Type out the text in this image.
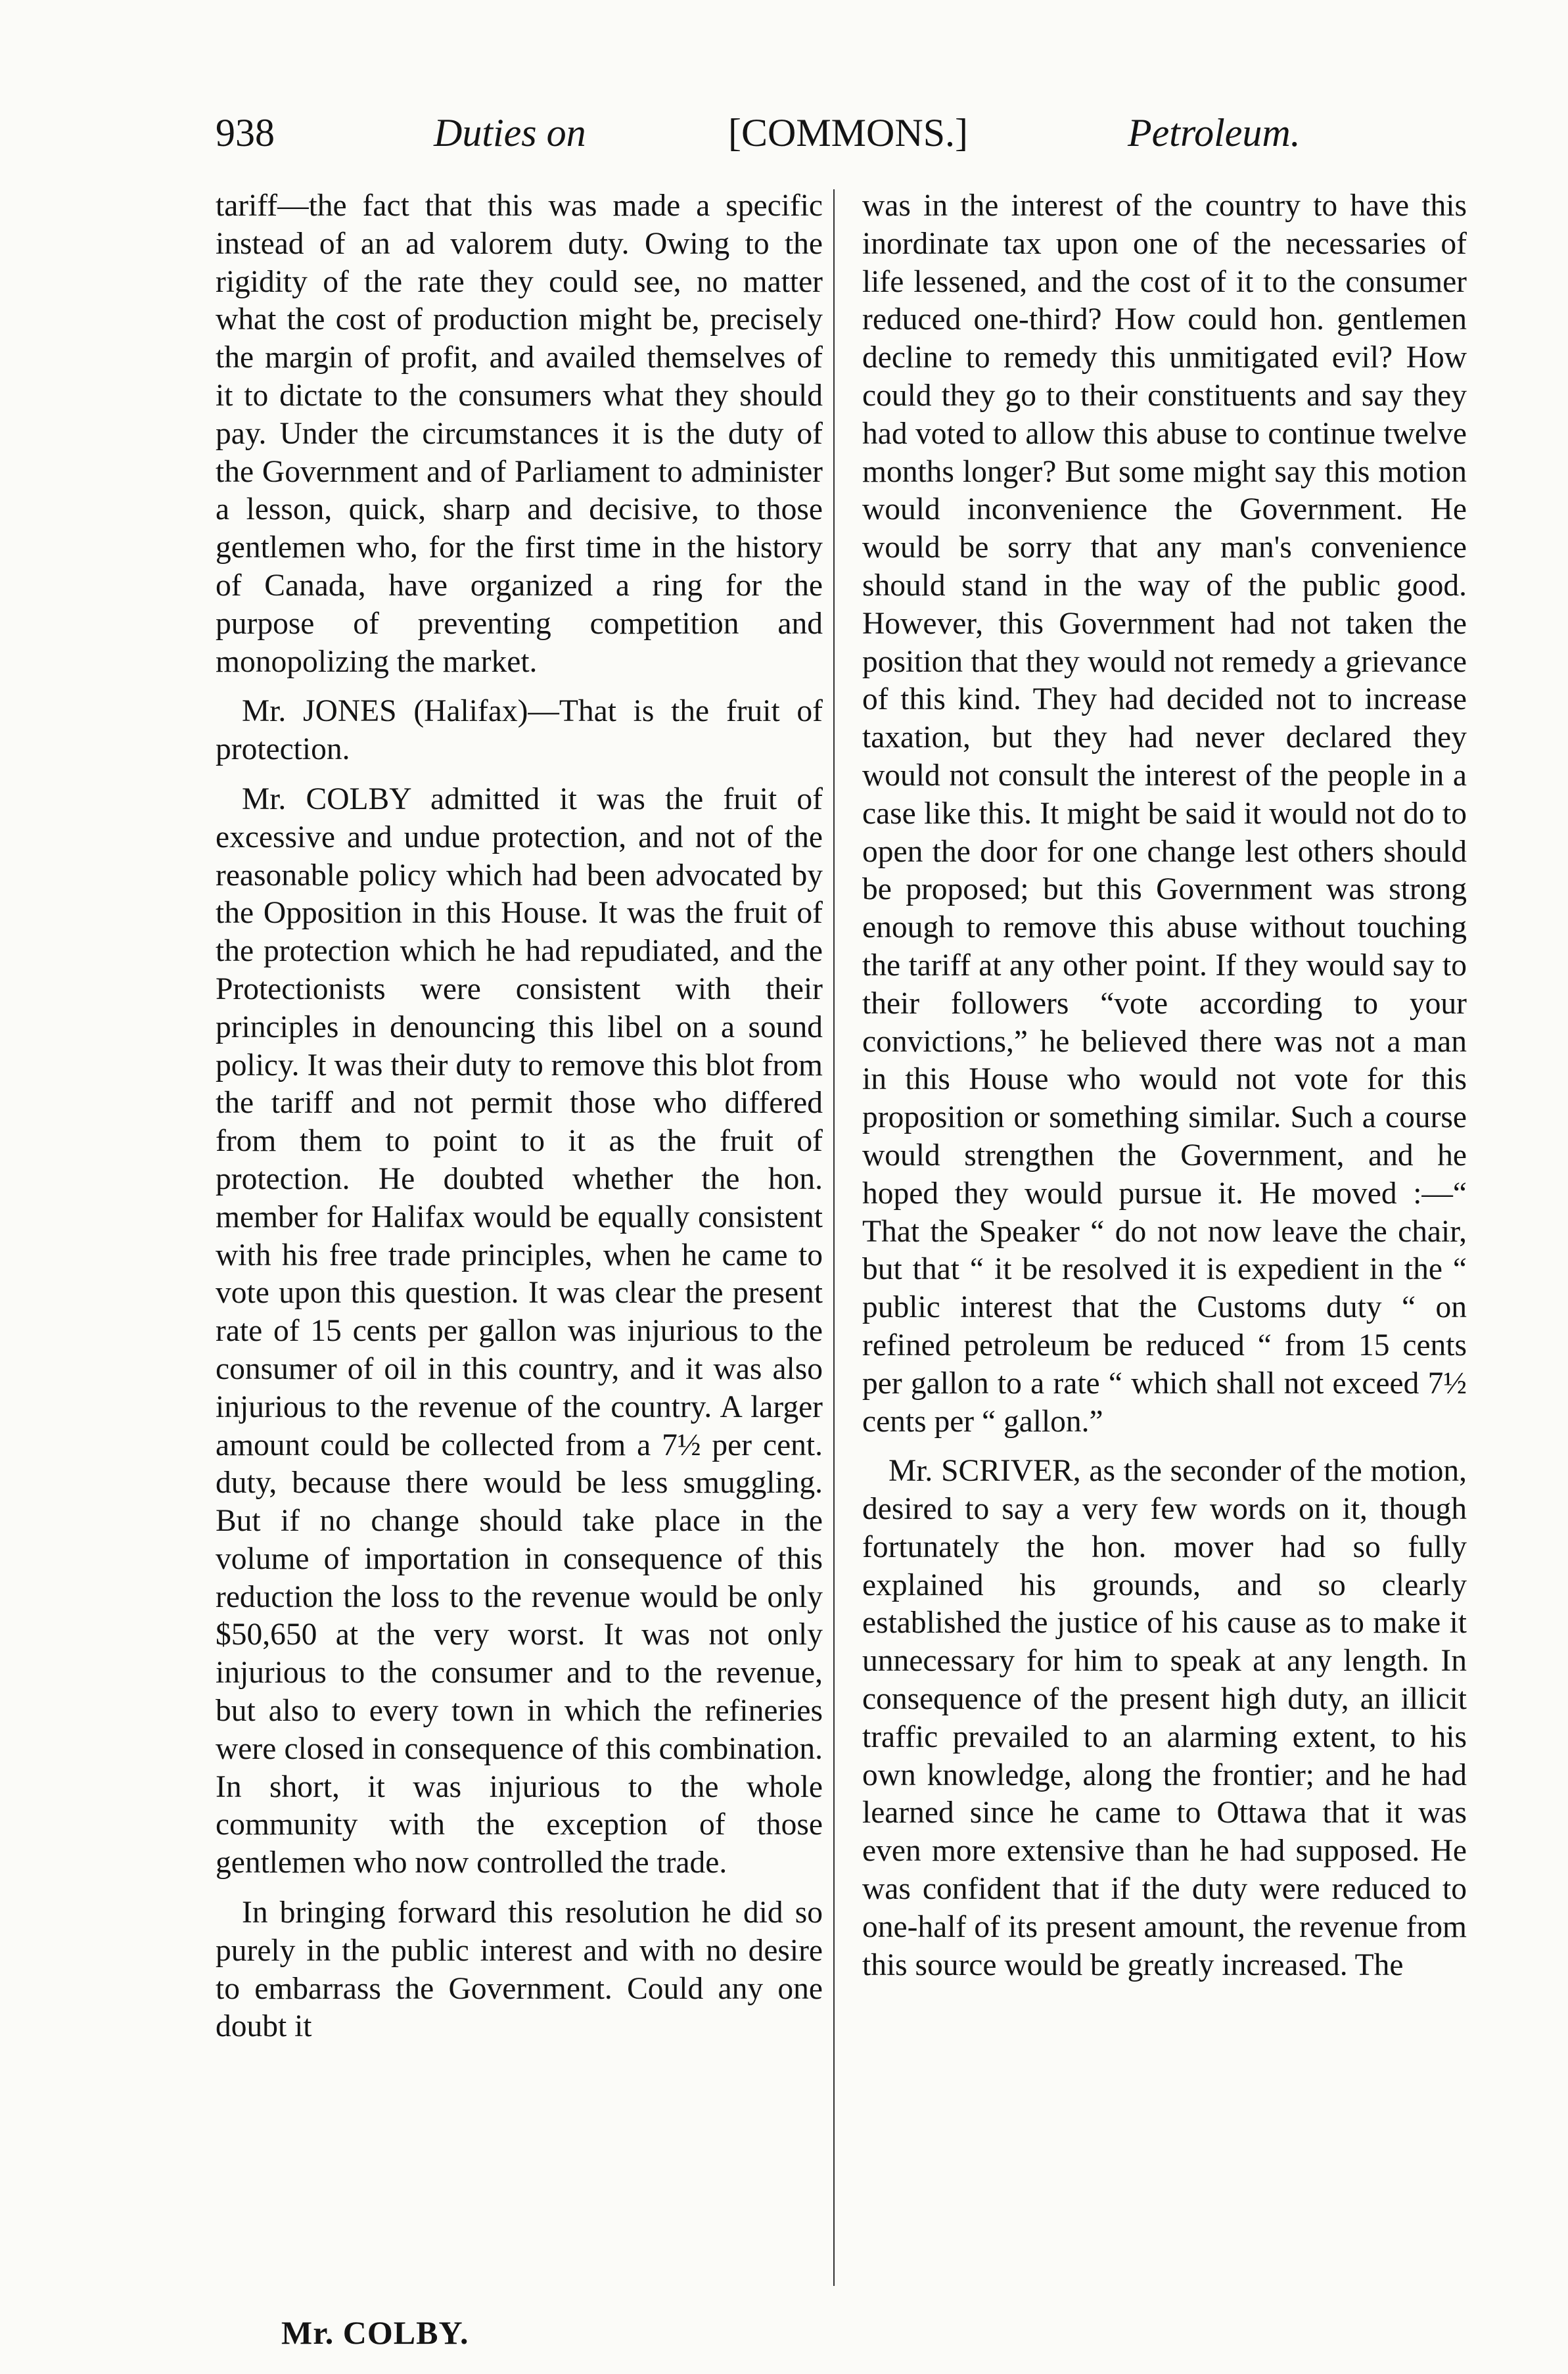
938	Duties on	[COMMONS.]	Petroleum.

tariff—the fact that this was made a specific instead of an ad valorem duty. Owing to the rigidity of the rate they could see, no matter what the cost of production might be, precisely the margin of profit, and availed themselves of it to dictate to the consumers what they should pay. Under the circumstances it is the duty of the Government and of Parliament to administer a lesson, quick, sharp and decisive, to those gentlemen who, for the first time in the history of Canada, have organized a ring for the purpose of preventing competition and monopolizing the market.

Mr. JONES (Halifax)—That is the fruit of protection.

Mr. COLBY admitted it was the fruit of excessive and undue protection, and not of the reasonable policy which had been advocated by the Opposition in this House. It was the fruit of the protection which he had repudiated, and the Protectionists were consistent with their principles in denouncing this libel on a sound policy. It was their duty to remove this blot from the tariff and not permit those who differed from them to point to it as the fruit of protection. He doubted whether the hon. member for Halifax would be equally consistent with his free trade principles, when he came to vote upon this question. It was clear the present rate of 15 cents per gallon was injurious to the consumer of oil in this country, and it was also injurious to the revenue of the country. A larger amount could be collected from a 7½ per cent. duty, because there would be less smuggling. But if no change should take place in the volume of importation in consequence of this reduction the loss to the revenue would be only $50,650 at the very worst. It was not only injurious to the consumer and to the revenue, but also to every town in which the refineries were closed in consequence of this combination. In short, it was injurious to the whole community with the exception of those gentlemen who now controlled the trade.

In bringing forward this resolution he did so purely in the public interest and with no desire to embarrass the Government. Could any one doubt it

was in the interest of the country to have this inordinate tax upon one of the necessaries of life lessened, and the cost of it to the consumer reduced one-third? How could hon. gentlemen decline to remedy this unmitigated evil? How could they go to their constituents and say they had voted to allow this abuse to continue twelve months longer? But some might say this motion would inconvenience the Government. He would be sorry that any man's convenience should stand in the way of the public good. However, this Government had not taken the position that they would not remedy a grievance of this kind. They had decided not to increase taxation, but they had never declared they would not consult the interest of the people in a case like this. It might be said it would not do to open the door for one change lest others should be proposed; but this Government was strong enough to remove this abuse without touching the tariff at any other point. If they would say to their followers “vote according to your convictions,” he believed there was not a man in this House who would not vote for this proposition or something similar. Such a course would strengthen the Government, and he hoped they would pursue it. He moved :—“ That the Speaker “ do not now leave the chair, but that “ it be resolved it is expedient in the “ public interest that the Customs duty “ on refined petroleum be reduced “ from 15 cents per gallon to a rate “ which shall not exceed 7½ cents per “ gallon.”

Mr. SCRIVER, as the seconder of the motion, desired to say a very few words on it, though fortunately the hon. mover had so fully explained his grounds, and so clearly established the justice of his cause as to make it unnecessary for him to speak at any length. In consequence of the present high duty, an illicit traffic prevailed to an alarming extent, to his own knowledge, along the frontier; and he had learned since he came to Ottawa that it was even more extensive than he had supposed. He was confident that if the duty were reduced to one-half of its present amount, the revenue from this source would be greatly increased. The

Mr. COLBY.
